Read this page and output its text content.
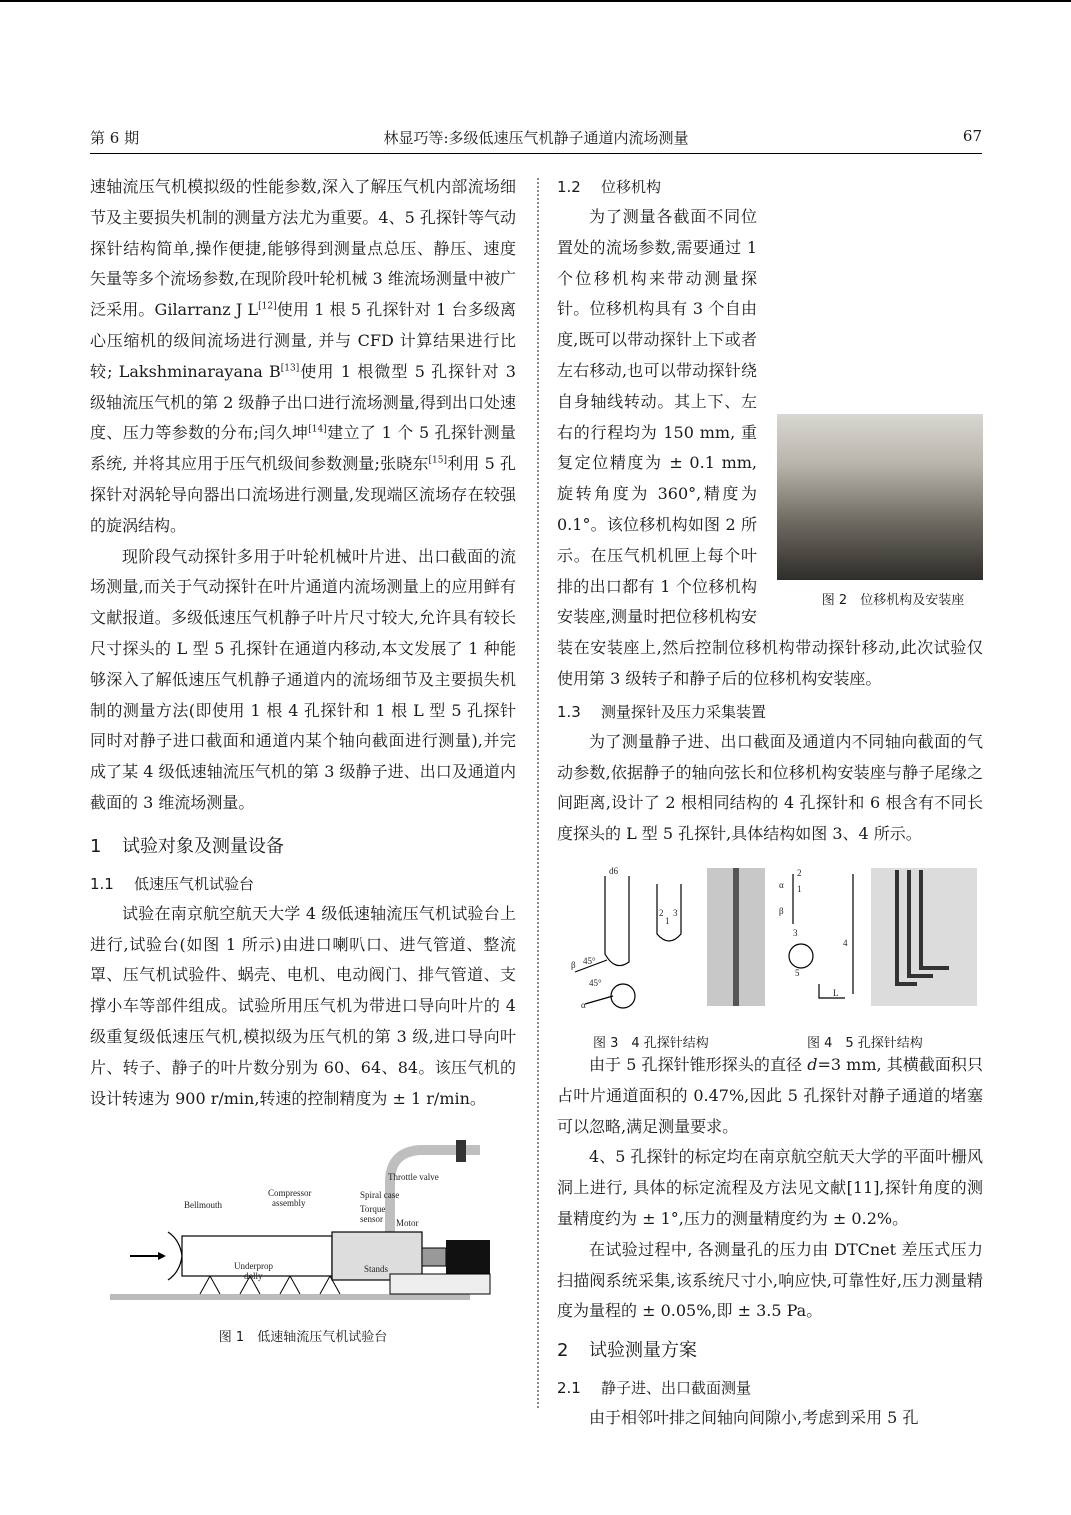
第 6 期	林显巧等:多级低速压气机静子通道内流场测量	67

速轴流压气机模拟级的性能参数,深入了解压气机内部流场细节及主要损失机制的测量方法尤为重要。4、5 孔探针等气动探针结构简单,操作便捷,能够得到测量点总压、静压、速度矢量等多个流场参数,在现阶段叶轮机械 3 维流场测量中被广泛采用。Gilarranz J L[12]使用 1 根 5 孔探针对 1 台多级离心压缩机的级间流场进行测量, 并与 CFD 计算结果进行比较; Lakshminarayana B[13]使用 1 根微型 5 孔探针对 3 级轴流压气机的第 2 级静子出口进行流场测量,得到出口处速度、压力等参数的分布;闫久坤[14]建立了 1 个 5 孔探针测量系统, 并将其应用于压气机级间参数测量;张晓东[15]利用 5 孔探针对涡轮导向器出口流场进行测量,发现端区流场存在较强的旋涡结构。

现阶段气动探针多用于叶轮机械叶片进、出口截面的流场测量,而关于气动探针在叶片通道内流场测量上的应用鲜有文献报道。多级低速压气机静子叶片尺寸较大,允许具有较长尺寸探头的 L 型 5 孔探针在通道内移动,本文发展了 1 种能够深入了解低速压气机静子通道内的流场细节及主要损失机制的测量方法(即使用 1 根 4 孔探针和 1 根 L 型 5 孔探针同时对静子进口截面和通道内某个轴向截面进行测量),并完成了某 4 级低速轴流压气机的第 3 级静子进、出口及通道内截面的 3 维流场测量。

1 试验对象及测量设备
1.1 低速压气机试验台

试验在南京航空航天大学 4 级低速轴流压气机试验台上进行,试验台(如图 1 所示)由进口喇叭口、进气管道、整流罩、压气机试验件、蜗壳、电机、电动阀门、排气管道、支撑小车等部件组成。试验所用压气机为带进口导向叶片的 4 级重复级低速压气机,模拟级为压气机的第 3 级,进口导向叶片、转子、静子的叶片数分别为 60、64、84。该压气机的设计转速为 900 r/min,转速的控制精度为 ± 1 r/min。

Bellmouth
Compressor
assembly
Throttle valve
Spiral case
Torque
sensor Motor
Underprop
dolly
Stands
图 1　低速轴流压气机试验台
1.2 位移机构

图 2　位移机构及安装座
为了测量各截面不同位置处的流场参数,需要通过 1 个位移机构来带动测量探针。位移机构具有 3 个自由度,既可以带动探针上下或者左右移动,也可以带动探针绕自身轴线转动。其上下、左右的行程均为 150 mm, 重复定位精度为 ± 0.1 mm, 旋转角度为 360°,精度为 0.1°。该位移机构如图 2 所示。在压气机机匣上每个叶排的出口都有 1 个位移机构安装座,测量时把位移机构安装在安装座上,然后控制位移机构带动探针移动,此次试验仅使用第 3 级转子和静子后的位移机构安装座。

1.3 测量探针及压力采集装置

为了测量静子进、出口截面及通道内不同轴向截面的气动参数,依据静子的轴向弦长和位移机构安装座与静子尾缘之间距离,设计了 2 根相同结构的 4 孔探针和 6 根含有不同长度探头的 L 型 5 孔探针,具体结构如图 3、4 所示。

d6
2
1
3
β 45°
45°
α
α
β
2
1
3
4
5
L
图 3　4 孔探针结构	图 4　5 孔探针结构

由于 5 孔探针锥形探头的直径 d=3 mm, 其横截面积只占叶片通道面积的 0.47%,因此 5 孔探针对静子通道的堵塞可以忽略,满足测量要求。

4、5 孔探针的标定均在南京航空航天大学的平面叶栅风洞上进行, 具体的标定流程及方法见文献[11],探针角度的测量精度约为 ± 1°,压力的测量精度约为 ± 0.2%。

在试验过程中, 各测量孔的压力由 DTCnet 差压式压力扫描阀系统采集,该系统尺寸小,响应快,可靠性好,压力测量精度为量程的 ± 0.05%,即 ± 3.5 Pa。

2 试验测量方案
2.1 静子进、出口截面测量

由于相邻叶排之间轴向间隙小,考虑到采用 5 孔
